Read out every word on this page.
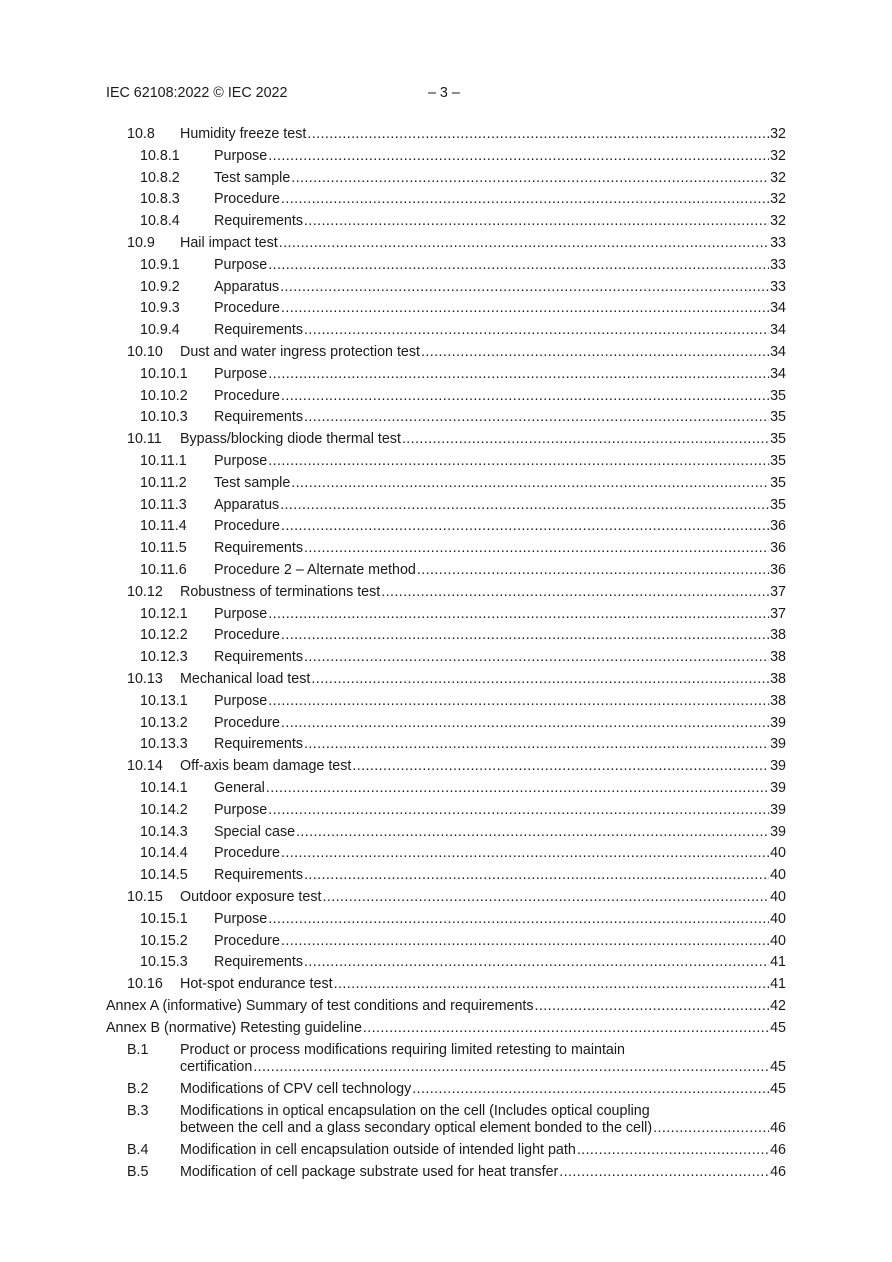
IEC 62108:2022 © IEC 2022	– 3 –
10.8 Humidity freeze test .....	32
10.8.1 Purpose .....	32
10.8.2 Test sample .....	32
10.8.3 Procedure .....	32
10.8.4 Requirements .....	32
10.9 Hail impact test .....	33
10.9.1 Purpose .....	33
10.9.2 Apparatus .....	33
10.9.3 Procedure .....	34
10.9.4 Requirements .....	34
10.10 Dust and water ingress protection test .....	34
10.10.1 Purpose .....	34
10.10.2 Procedure .....	35
10.10.3 Requirements .....	35
10.11 Bypass/blocking diode thermal test .....	35
10.11.1 Purpose .....	35
10.11.2 Test sample .....	35
10.11.3 Apparatus .....	35
10.11.4 Procedure .....	36
10.11.5 Requirements .....	36
10.11.6 Procedure 2 – Alternate method .....	36
10.12 Robustness of terminations test .....	37
10.12.1 Purpose .....	37
10.12.2 Procedure .....	38
10.12.3 Requirements .....	38
10.13 Mechanical load test .....	38
10.13.1 Purpose .....	38
10.13.2 Procedure .....	39
10.13.3 Requirements .....	39
10.14 Off-axis beam damage test .....	39
10.14.1 General .....	39
10.14.2 Purpose .....	39
10.14.3 Special case .....	39
10.14.4 Procedure .....	40
10.14.5 Requirements .....	40
10.15 Outdoor exposure test .....	40
10.15.1 Purpose .....	40
10.15.2 Procedure .....	40
10.15.3 Requirements .....	41
10.16 Hot-spot endurance test .....	41
Annex A (informative) Summary of test conditions and requirements .....	42
Annex B (normative) Retesting guideline .....	45
B.1 Product or process modifications requiring limited retesting to maintain
certification .....	45
B.2 Modifications of CPV cell technology .....	45
B.3 Modifications in optical encapsulation on the cell (Includes optical coupling
between the cell and a glass secondary optical element bonded to the cell) .....	46
B.4 Modification in cell encapsulation outside of intended light path .....	46
B.5 Modification of cell package substrate used for heat transfer .....	46
